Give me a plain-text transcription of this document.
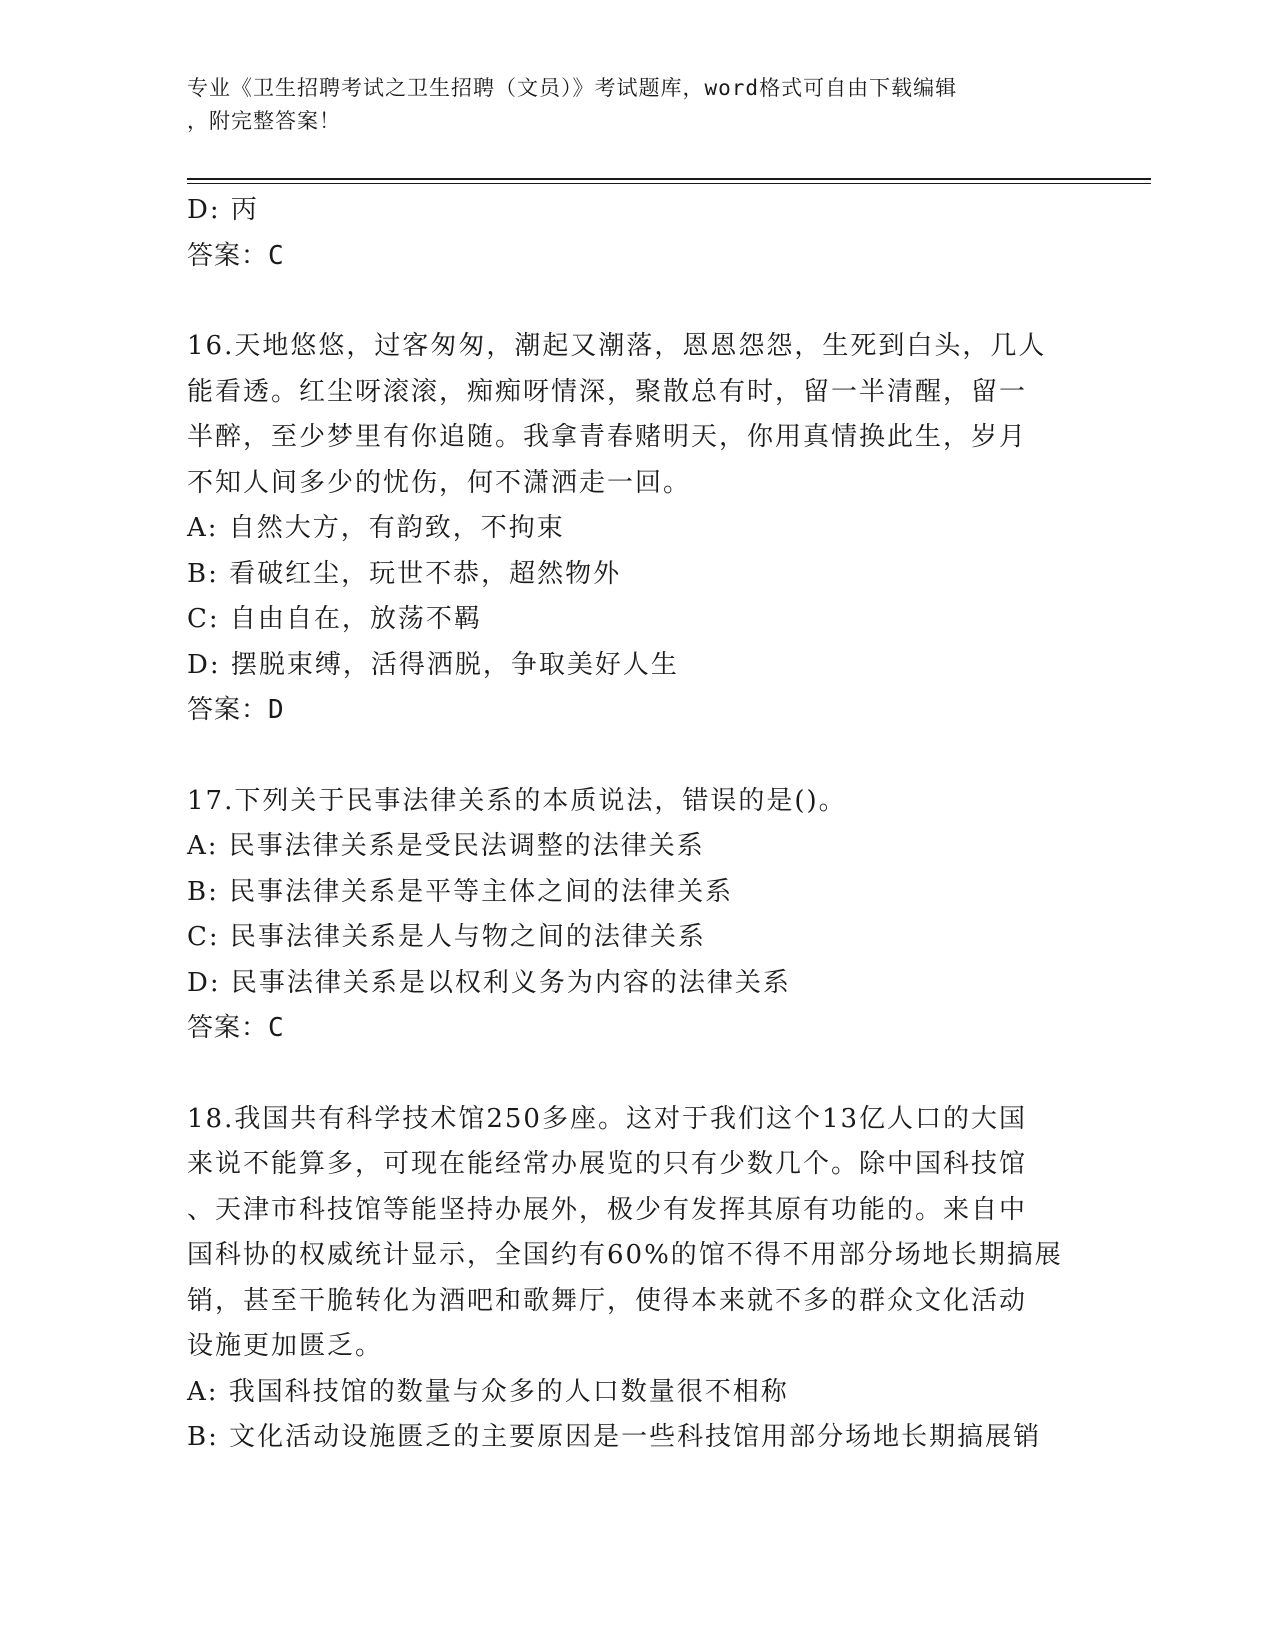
专业《卫生招聘考试之卫生招聘（文员）》考试题库，word格式可自由下载编辑
，附完整答案！
D: 丙
答案：C
16.天地悠悠，过客匆匆，潮起又潮落，恩恩怨怨，生死到白头，几人
能看透。红尘呀滚滚，痴痴呀情深，聚散总有时，留一半清醒，留一
半醉，至少梦里有你追随。我拿青春赌明天，你用真情换此生，岁月
不知人间多少的忧伤，何不潇洒走一回。
A: 自然大方，有韵致，不拘束
B: 看破红尘，玩世不恭，超然物外
C: 自由自在，放荡不羁
D: 摆脱束缚，活得洒脱，争取美好人生
答案：D
17.下列关于民事法律关系的本质说法，错误的是()。
A: 民事法律关系是受民法调整的法律关系
B: 民事法律关系是平等主体之间的法律关系
C: 民事法律关系是人与物之间的法律关系
D: 民事法律关系是以权利义务为内容的法律关系
答案：C
18.我国共有科学技术馆250多座。这对于我们这个13亿人口的大国
来说不能算多，可现在能经常办展览的只有少数几个。除中国科技馆
、天津市科技馆等能坚持办展外，极少有发挥其原有功能的。来自中
国科协的权威统计显示，全国约有60%的馆不得不用部分场地长期搞展
销，甚至干脆转化为酒吧和歌舞厅，使得本来就不多的群众文化活动
设施更加匮乏。
A: 我国科技馆的数量与众多的人口数量很不相称
B: 文化活动设施匮乏的主要原因是一些科技馆用部分场地长期搞展销
